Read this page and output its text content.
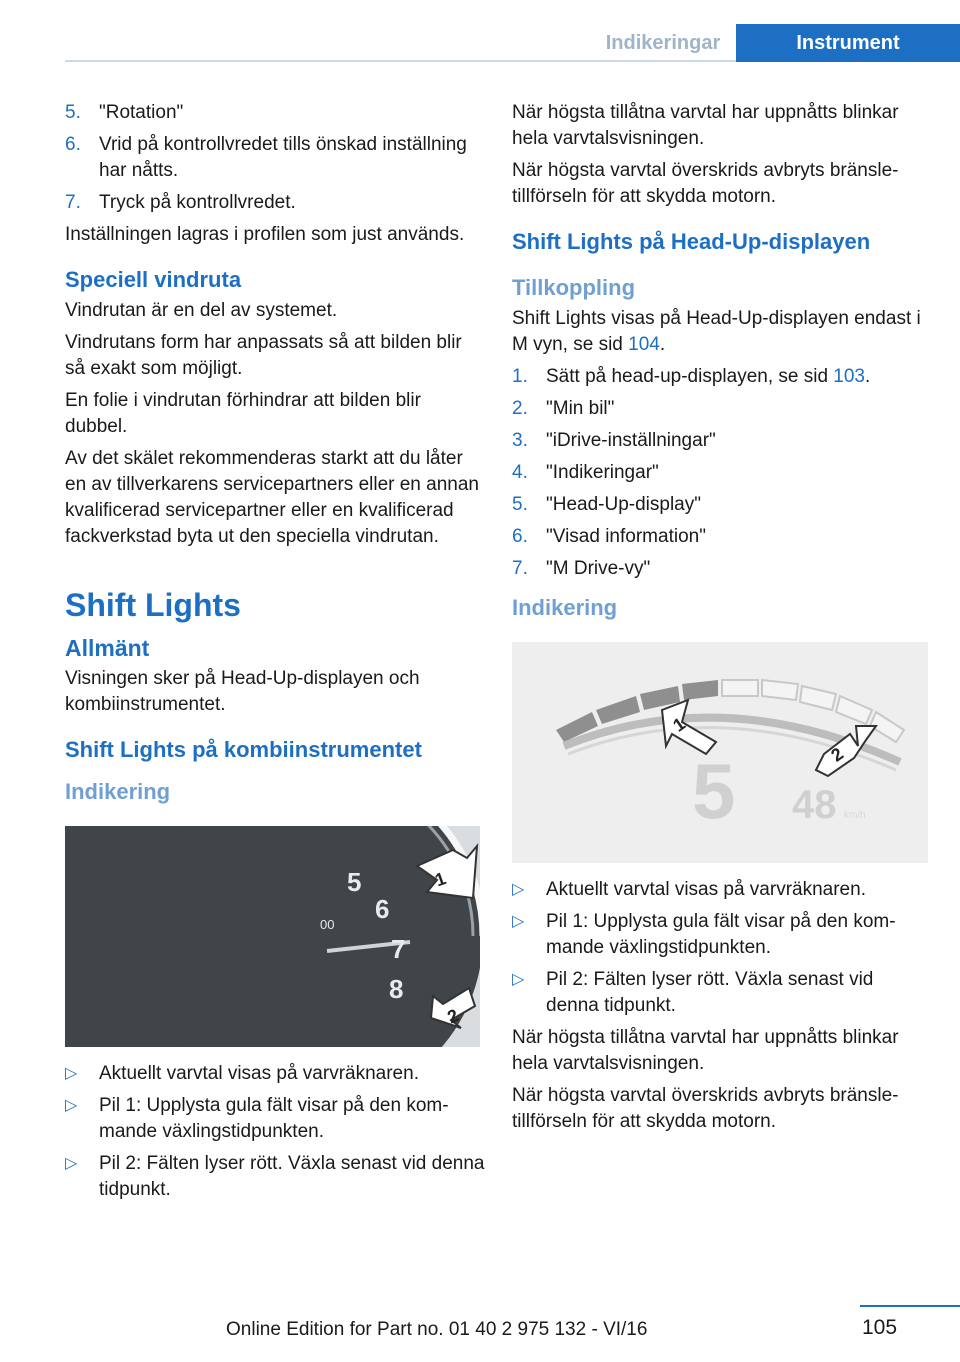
Indikeringar	Instrument
5. "Rotation"
6. Vrid på kontrollvredet tills önskad inställning har nåtts.
7. Tryck på kontrollvredet.

Inställningen lagras i profilen som just används.

Speciell vindruta

Vindrutan är en del av systemet.

Vindrutans form har anpassats så att bilden blir så exakt som möjligt.

En folie i vindrutan förhindrar att bilden blir dubbel.

Av det skälet rekommenderas starkt att du låter en av tillverkarens servicepartners eller en annan kvalificerad servicepartner eller en kvalificerad fackverkstad byta ut den speciella vindrutan.

Shift Lights
Allmänt

Visningen sker på Head-Up-displayen och kombiinstrumentet.

Shift Lights på kombiinstrumentet
Indikering
5
6
7
8
00
1
2
▷	Aktuellt varvtal visas på varvräknaren.
▷	Pil 1: Upplysta gula fält visar på den kommande växlingstidpunkten.
▷	Pil 2: Fälten lyser rött. Växla senast vid denna tidpunkt.

När högsta tillåtna varvtal har uppnåtts blinkar hela varvtalsvisningen.

När högsta varvtal överskrids avbryts bränsletillförseln för att skydda motorn.

Shift Lights på Head-Up-displayen
Tillkoppling

Shift Lights visas på Head-Up-displayen endast i M vyn, se sid 104.

1. Sätt på head-up-displayen, se sid 103.
2. "Min bil"
3. "iDrive-inställningar"
4. "Indikeringar"
5. "Head-Up-display"
6. "Visad information"
7. "M Drive-vy"
Indikering
1
2
5 48 km/h
▷	Aktuellt varvtal visas på varvräknaren.
▷	Pil 1: Upplysta gula fält visar på den kommande växlingstidpunkten.
▷	Pil 2: Fälten lyser rött. Växla senast vid denna tidpunkt.

När högsta tillåtna varvtal har uppnåtts blinkar hela varvtalsvisningen.

När högsta varvtal överskrids avbryts bränsletillförseln för att skydda motorn.

105
Online Edition for Part no. 01 40 2 975 132 - VI/16
